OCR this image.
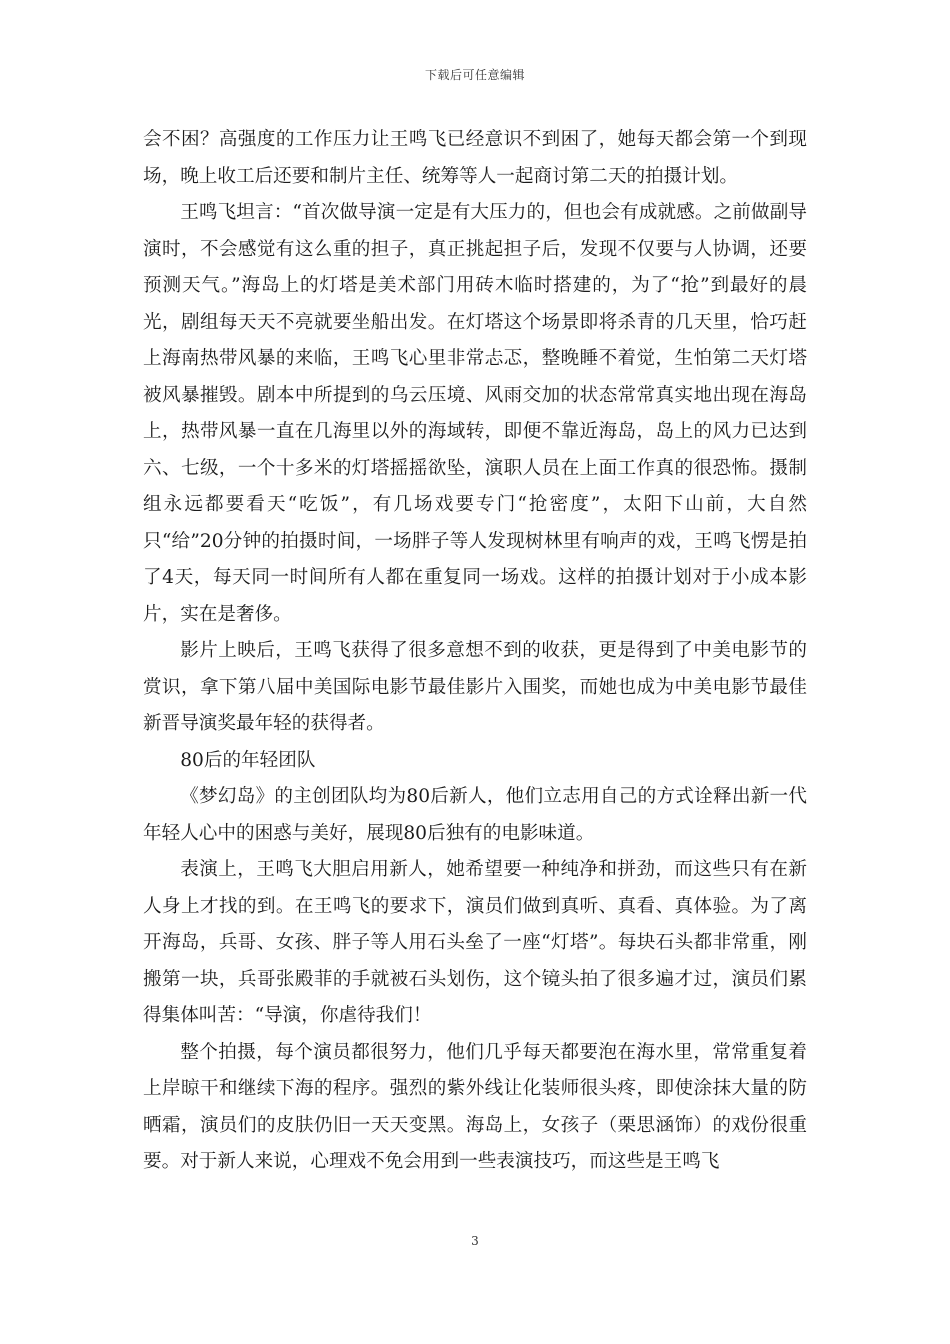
下载后可任意编辑

会不困？高强度的工作压力让王鸣飞已经意识不到困了，她每天都会第一个到现场，晚上收工后还要和制片主任、统筹等人一起商讨第二天的拍摄计划。

王鸣飞坦言：“首次做导演一定是有大压力的，但也会有成就感。之前做副导演时，不会感觉有这么重的担子，真正挑起担子后，发现不仅要与人协调，还要预测天气。”海岛上的灯塔是美术部门用砖木临时搭建的，为了“抢”到最好的晨光，剧组每天天不亮就要坐船出发。在灯塔这个场景即将杀青的几天里，恰巧赶上海南热带风暴的来临，王鸣飞心里非常忐忑，整晚睡不着觉，生怕第二天灯塔被风暴摧毁。剧本中所提到的乌云压境、风雨交加的状态常常真实地出现在海岛上，热带风暴一直在几海里以外的海域转，即便不靠近海岛，岛上的风力已达到六、七级，一个十多米的灯塔摇摇欲坠，演职人员在上面工作真的很恐怖。摄制组永远都要看天“吃饭”，有几场戏要专门“抢密度”，太阳下山前，大自然只“给”20分钟的拍摄时间，一场胖子等人发现树林里有响声的戏，王鸣飞愣是拍了4天，每天同一时间所有人都在重复同一场戏。这样的拍摄计划对于小成本影片，实在是奢侈。

影片上映后，王鸣飞获得了很多意想不到的收获，更是得到了中美电影节的赏识，拿下第八届中美国际电影节最佳影片入围奖，而她也成为中美电影节最佳新晋导演奖最年轻的获得者。

80后的年轻团队

《梦幻岛》的主创团队均为80后新人，他们立志用自己的方式诠释出新一代年轻人心中的困惑与美好，展现80后独有的电影味道。

表演上，王鸣飞大胆启用新人，她希望要一种纯净和拼劲，而这些只有在新人身上才找的到。在王鸣飞的要求下，演员们做到真听、真看、真体验。为了离开海岛，兵哥、女孩、胖子等人用石头垒了一座“灯塔”。每块石头都非常重，刚搬第一块，兵哥张殿菲的手就被石头划伤，这个镜头拍了很多遍才过，演员们累得集体叫苦：“导演，你虐待我们！

整个拍摄，每个演员都很努力，他们几乎每天都要泡在海水里，常常重复着上岸晾干和继续下海的程序。强烈的紫外线让化装师很头疼，即使涂抹大量的防晒霜，演员们的皮肤仍旧一天天变黑。海岛上，女孩子（栗思涵饰）的戏份很重要。对于新人来说，心理戏不免会用到一些表演技巧，而这些是王鸣飞

3
